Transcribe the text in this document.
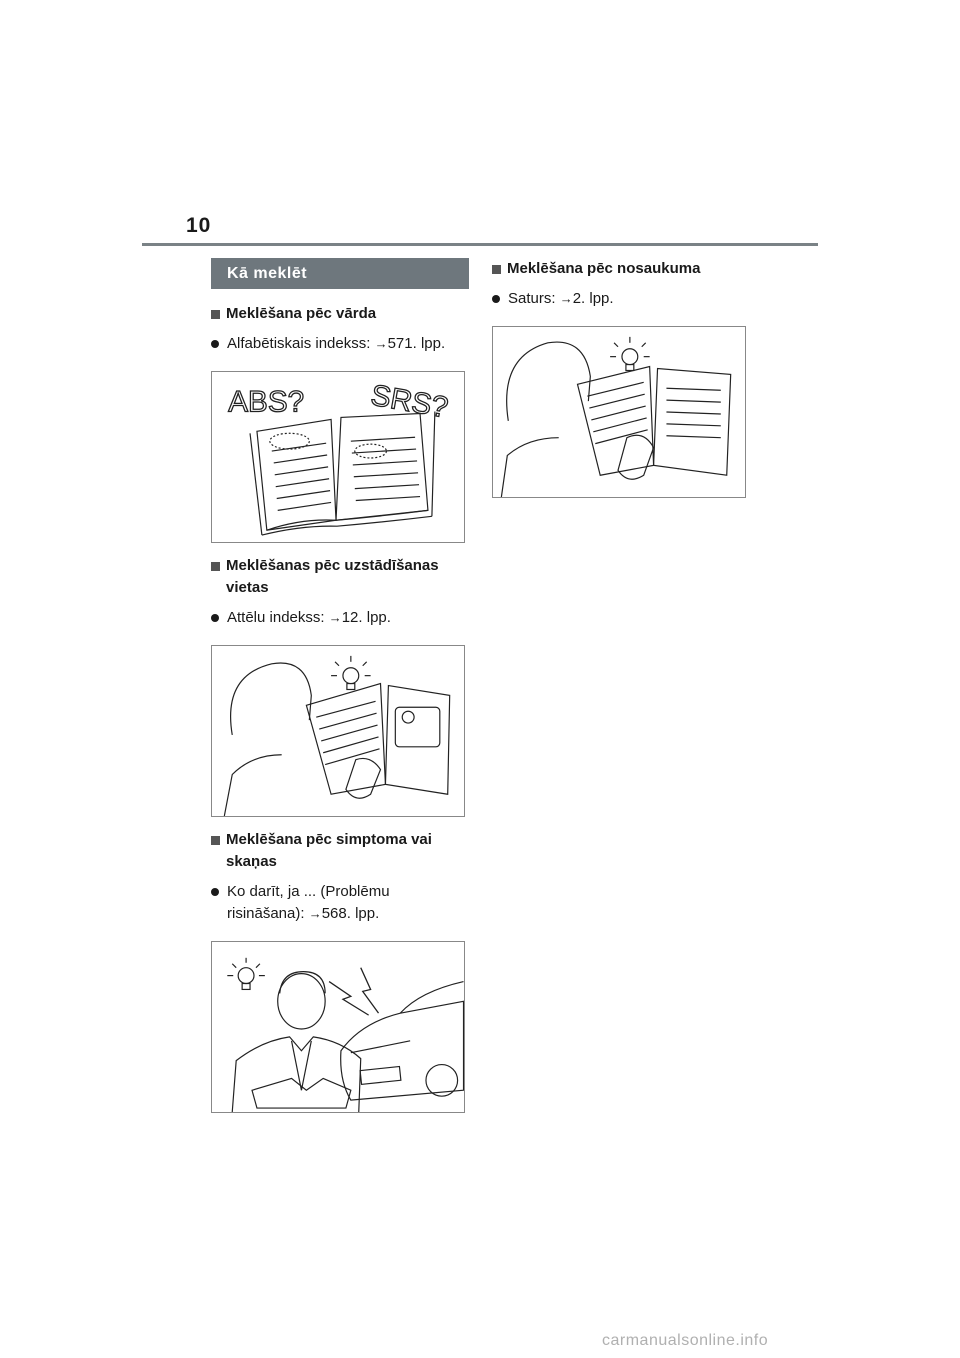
10
Kā meklēt
Meklēšana pēc vārda
Alfabētiskais indekss: →571. lpp.
ABS? SRS?
Meklēšanas pēc uzstādīšanas vietas
Attēlu indekss: →12. lpp.
Meklēšana pēc simptoma vai skaņas
Ko darīt, ja ... (Problēmu risināšana): →568. lpp.
Meklēšana pēc nosaukuma
Saturs: →2. lpp.
carmanualsonline.info
